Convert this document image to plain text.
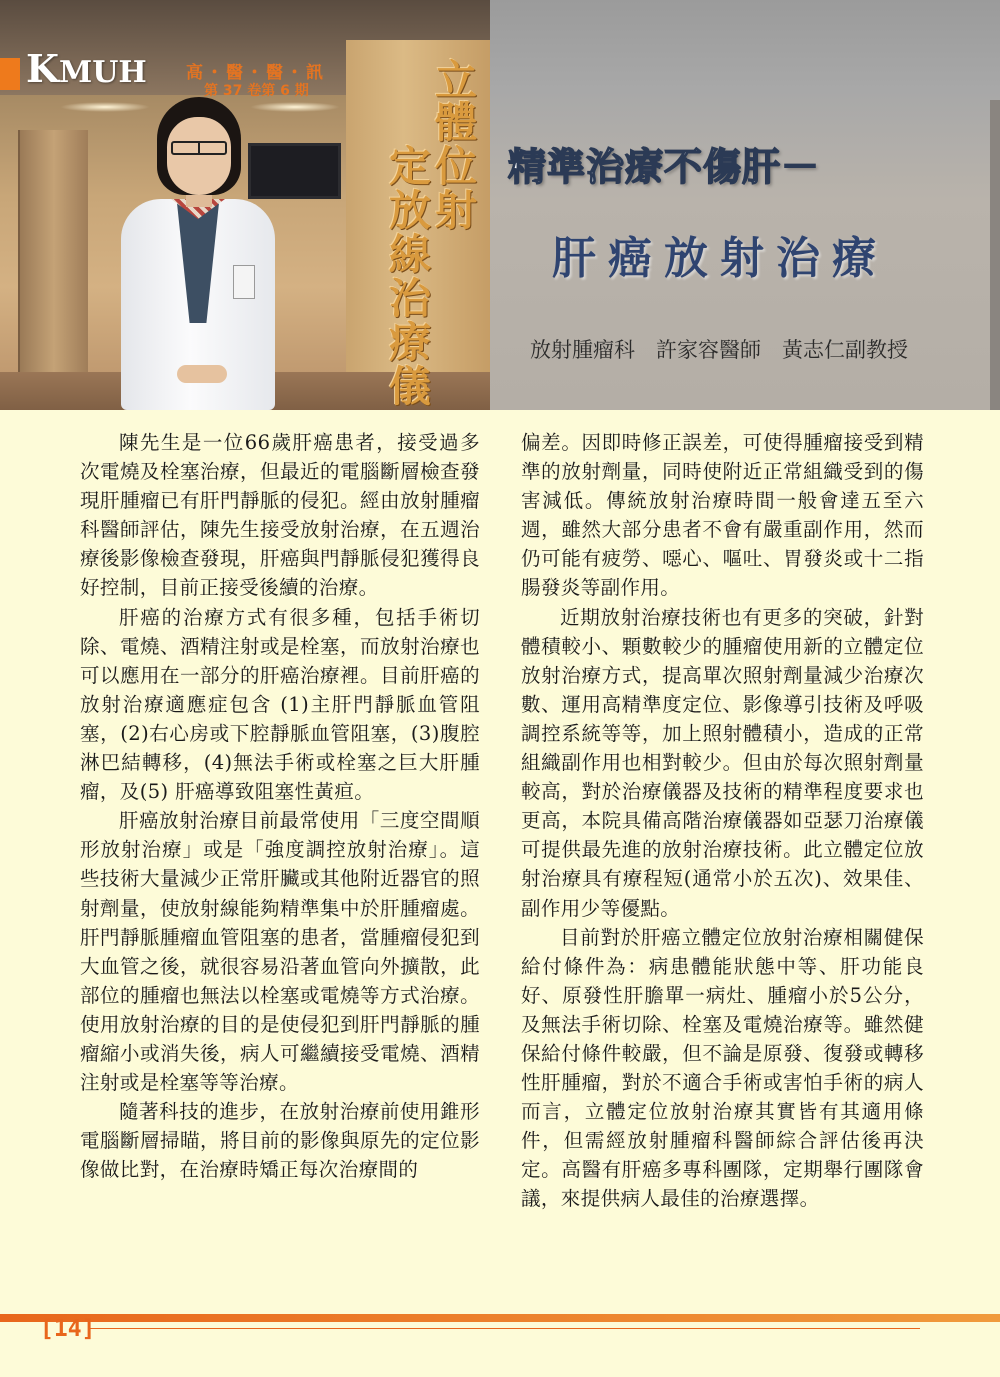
立
體
定 位
放 射
線
治
療
儀
KMUH 高・醫・醫・訊
第 37 卷第 6 期
精準治療不傷肝－
肝癌放射治療
放射腫瘤科　許家容醫師　黃志仁副教授

陳先生是一位66歲肝癌患者，接受過多次電燒及栓塞治療，但最近的電腦斷層檢查發現肝腫瘤已有肝門靜脈的侵犯。經由放射腫瘤科醫師評估，陳先生接受放射治療，在五週治療後影像檢查發現，肝癌與門靜脈侵犯獲得良好控制，目前正接受後續的治療。

肝癌的治療方式有很多種，包括手術切除、電燒、酒精注射或是栓塞，而放射治療也可以應用在一部分的肝癌治療裡。目前肝癌的放射治療適應症包含 (1)主肝門靜脈血管阻塞，(2)右心房或下腔靜脈血管阻塞，(3)腹腔淋巴結轉移，(4)無法手術或栓塞之巨大肝腫瘤，及(5) 肝癌導致阻塞性黃疸。

肝癌放射治療目前最常使用「三度空間順形放射治療」或是「強度調控放射治療」。這些技術大量減少正常肝臟或其他附近器官的照射劑量，使放射線能夠精準集中於肝腫瘤處。肝門靜脈腫瘤血管阻塞的患者，當腫瘤侵犯到大血管之後，就很容易沿著血管向外擴散，此部位的腫瘤也無法以栓塞或電燒等方式治療。使用放射治療的目的是使侵犯到肝門靜脈的腫瘤縮小或消失後，病人可繼續接受電燒、酒精注射或是栓塞等等治療。

隨著科技的進步，在放射治療前使用錐形電腦斷層掃瞄，將目前的影像與原先的定位影像做比對，在治療時矯正每次治療間的

偏差。因即時修正誤差，可使得腫瘤接受到精準的放射劑量，同時使附近正常組織受到的傷害減低。傳統放射治療時間一般會達五至六週，雖然大部分患者不會有嚴重副作用，然而仍可能有疲勞、噁心、嘔吐、胃發炎或十二指腸發炎等副作用。

近期放射治療技術也有更多的突破，針對體積較小、顆數較少的腫瘤使用新的立體定位放射治療方式，提高單次照射劑量減少治療次數、運用高精準度定位、影像導引技術及呼吸調控系統等等，加上照射體積小，造成的正常組織副作用也相對較少。但由於每次照射劑量較高，對於治療儀器及技術的精準程度要求也更高，本院具備高階治療儀器如亞瑟刀治療儀可提供最先進的放射治療技術。此立體定位放射治療具有療程短(通常小於五次)、效果佳、副作用少等優點。

目前對於肝癌立體定位放射治療相關健保給付條件為：病患體能狀態中等、肝功能良好、原發性肝膽單一病灶、腫瘤小於5公分，及無法手術切除、栓塞及電燒治療等。雖然健保給付條件較嚴，但不論是原發、復發或轉移性肝腫瘤，對於不適合手術或害怕手術的病人而言，立體定位放射治療其實皆有其適用條件，但需經放射腫瘤科醫師綜合評估後再決定。高醫有肝癌多專科團隊，定期舉行團隊會議，來提供病人最佳的治療選擇。

[14]
